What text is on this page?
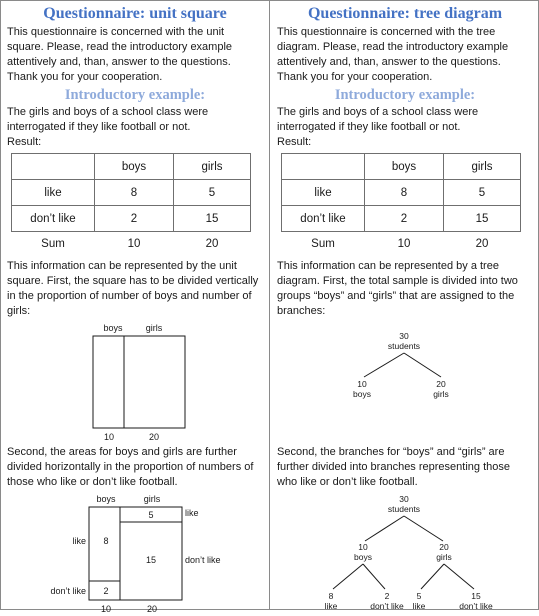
Questionnaire: unit square

This questionnaire is concerned with the unit square. Please, read the introductory example attentively and, than, answer to the questions. Thank you for your cooperation.

Introductory example:

The girls and boys of a school class were interrogated if they like football or not.

Result:

	boys	girls
like	8	5
don’t like	2	15
Sum	10	20

This information can be represented by the unit square. First, the square has to be divided vertically in the proportion of number of boys and number of girls:

boys	girls
10	20

Second, the areas for boys and girls are further divided horizontally in the proportion of numbers of those who like or don’t like football.

boys	girls
8
2
5
15
like
don’t like
like
don’t like
10	20
Questionnaire: tree diagram

This questionnaire is concerned with the tree diagram. Please, read the introductory example attentively and, than, answer to the questions. Thank you for your cooperation.

Introductory example:

The girls and boys of a school class were interrogated if they like football or not.

Result:

	boys	girls
like	8	5
don’t like	2	15
Sum	10	20

This information can be represented by a tree diagram. First, the total sample is divided into two groups “boys” and “girls” that are assigned to the branches:

30
students
10
boys
20
girls

Second, the branches for “boys” and “girls” are further divided into branches representing those who like or don’t like football.

30
students
10
boys
20
girls
8
like
2
don’t like
5
like
15
don’t like
